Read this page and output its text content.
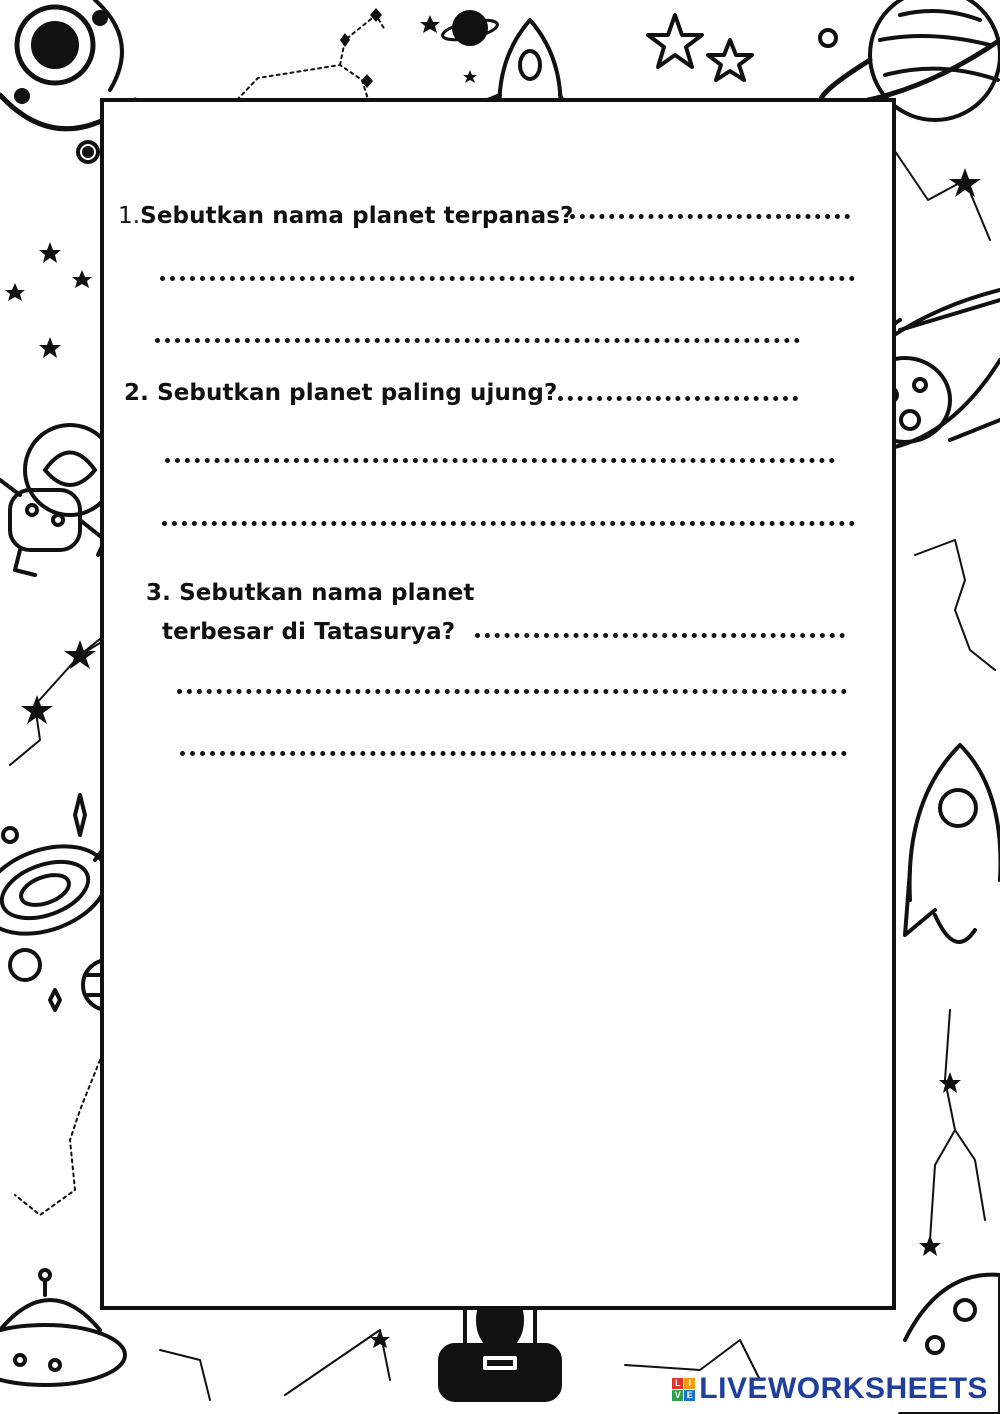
1.Sebutkan nama planet terpanas?
2. Sebutkan planet paling ujung?
3. Sebutkan nama planet
terbesar di Tatasurya?
L I
V E LIVEWORKSHEETS
